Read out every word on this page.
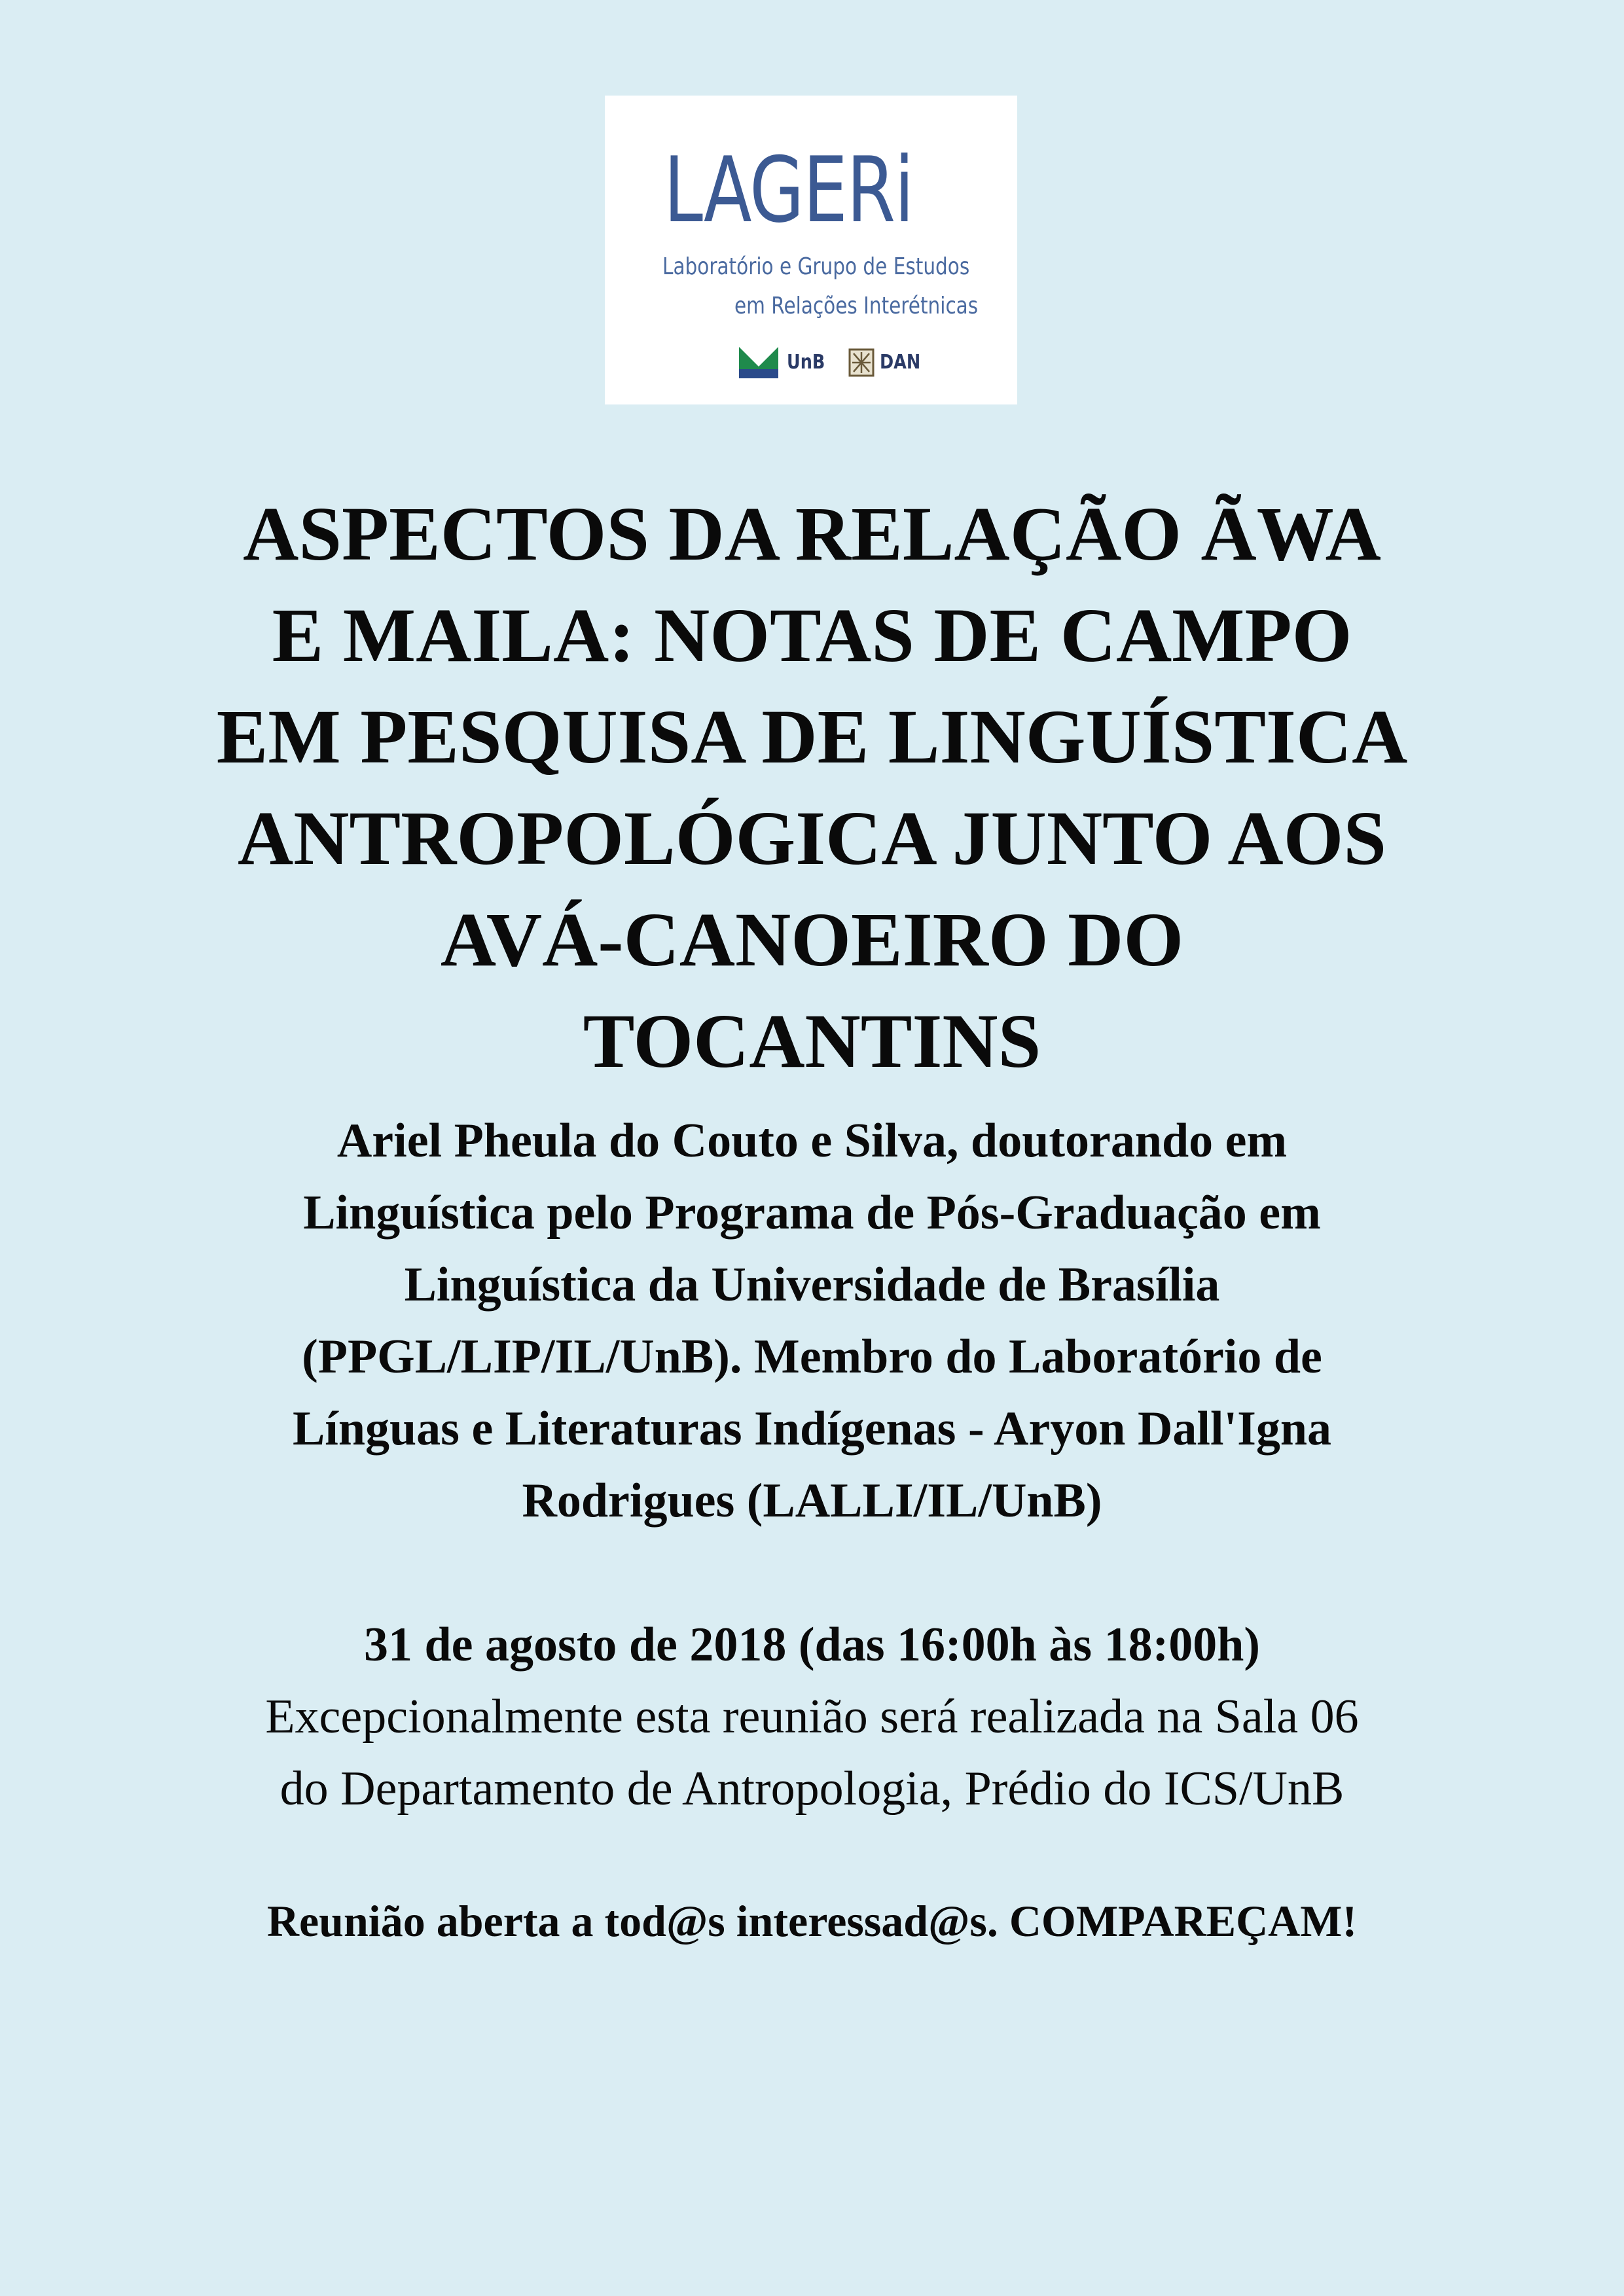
LAGERi
Laboratório e Grupo de Estudos
em Relações Interétnicas
UnB	DAN
ASPECTOS DA RELAÇÃO ÃWA
E MAILA: NOTAS DE CAMPO
EM PESQUISA DE LINGUÍSTICA
ANTROPOLÓGICA JUNTO AOS
AVÁ-CANOEIRO DO
TOCANTINS
Ariel Pheula do Couto e Silva, doutorando em
Linguística pelo Programa de Pós-Graduação em
Linguística da Universidade de Brasília
(PPGL/LIP/IL/UnB). Membro do Laboratório de
Línguas e Literaturas Indígenas - Aryon Dall'Igna
Rodrigues (LALLI/IL/UnB)
31 de agosto de 2018 (das 16:00h às 18:00h)
Excepcionalmente esta reunião será realizada na Sala 06
do Departamento de Antropologia, Prédio do ICS/UnB
Reunião aberta a tod@s interessad@s. COMPAREÇAM!
